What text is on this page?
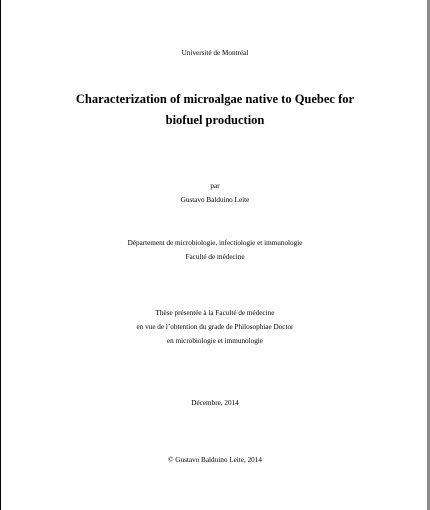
Université de Montréal
Characterization of microalgae native to Quebec for
biofuel production
par
Gustavo Balduino Leite
Département de microbiologie, infectiologie et immunologie
Faculté de médecine
Thèse présentée à la Faculté de médecine
en vue de l’obtention du grade de Philosophiae Doctor
en microbiologie et immunologie
Décembre, 2014
© Gustavo Balduino Leite, 2014
